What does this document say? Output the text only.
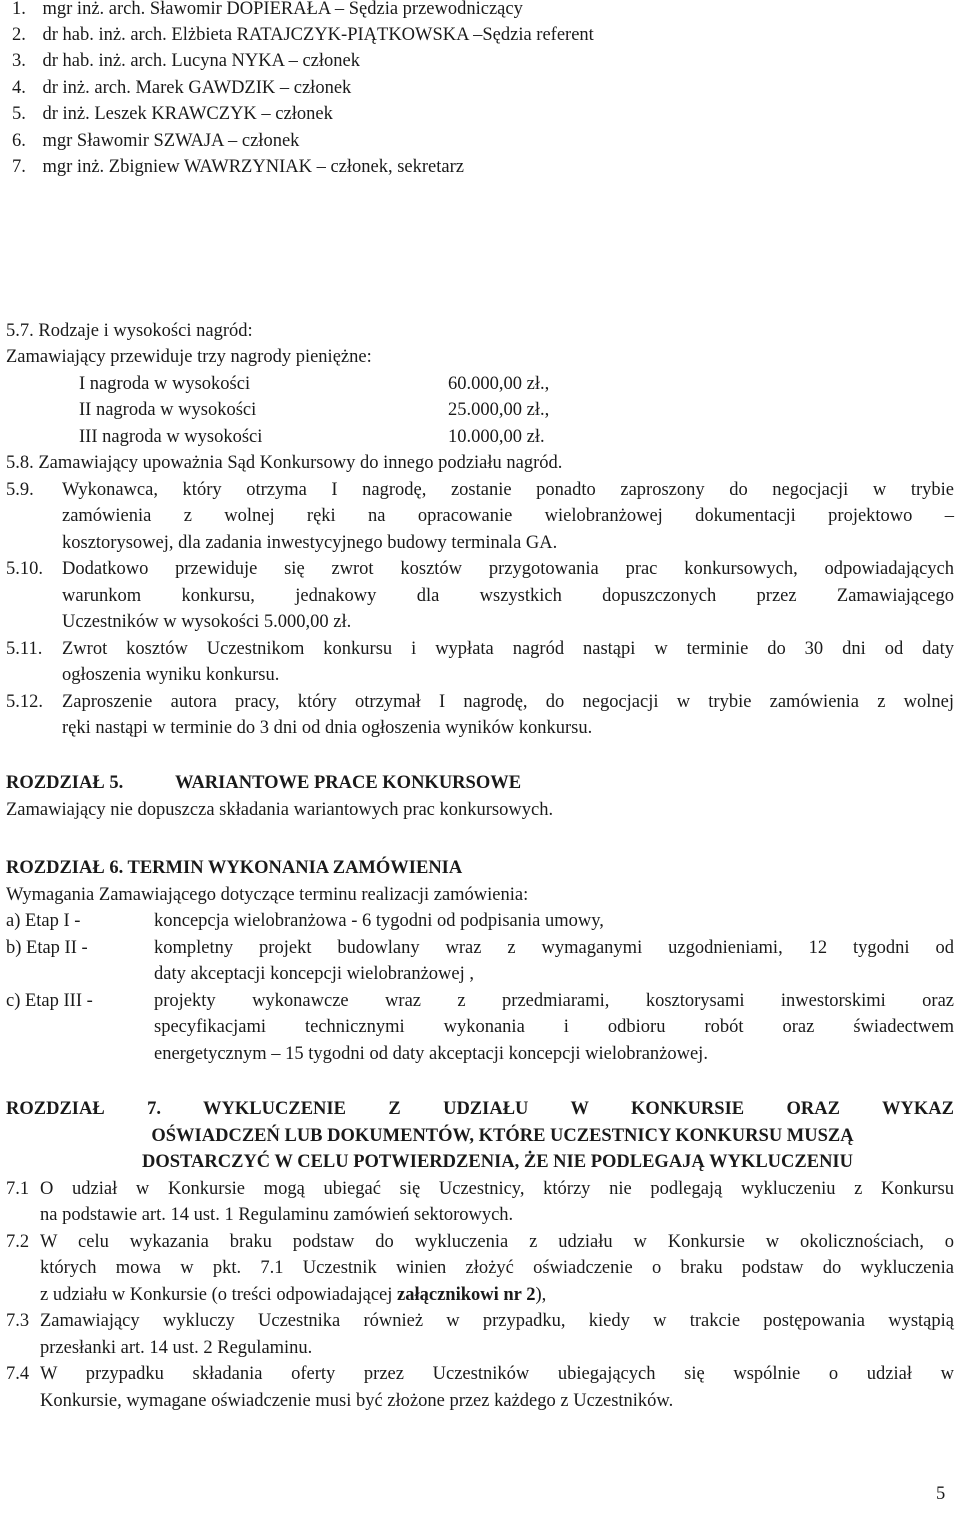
1. mgr inż. arch. Sławomir DOPIERAŁA – Sędzia przewodniczący
2. dr hab. inż. arch. Elżbieta RATAJCZYK-PIĄTKOWSKA –Sędzia referent
3. dr hab. inż. arch. Lucyna NYKA – członek
4. dr inż. arch. Marek GAWDZIK – członek
5. dr inż. Leszek KRAWCZYK – członek
6. mgr Sławomir SZWAJA – członek
7. mgr inż. Zbigniew WAWRZYNIAK – członek, sekretarz
5.7. Rodzaje i wysokości nagród:
Zamawiający przewiduje trzy nagrody pieniężne:
I nagroda w wysokości	60.000,00 zł.,
II nagroda w wysokości	25.000,00 zł.,
III nagroda w wysokości	10.000,00 zł.
5.8. Zamawiający upoważnia Sąd Konkursowy do innego podziału nagród.
5.9. Wykonawca, który otrzyma I nagrodę, zostanie ponadto zaproszony do negocjacji w trybie
zamówienia z wolnej ręki na opracowanie wielobranżowej dokumentacji projektowo –
kosztorysowej, dla zadania inwestycyjnego budowy terminala GA.
5.10. Dodatkowo przewiduje się zwrot kosztów przygotowania prac konkursowych, odpowiadających
warunkom konkursu, jednakowy dla wszystkich dopuszczonych przez Zamawiającego
Uczestników w wysokości 5.000,00 zł.
5.11. Zwrot kosztów Uczestnikom konkursu i wypłata nagród nastąpi w terminie do 30 dni od daty
ogłoszenia wyniku konkursu.
5.12. Zaproszenie autora pracy, który otrzymał I nagrodę, do negocjacji w trybie zamówienia z wolnej
ręki nastąpi w terminie do 3 dni od dnia ogłoszenia wyników konkursu.
ROZDZIAŁ 5.	WARIANTOWE PRACE KONKURSOWE
Zamawiający nie dopuszcza składania wariantowych prac konkursowych.
ROZDZIAŁ 6. TERMIN WYKONANIA ZAMÓWIENIA
Wymagania Zamawiającego dotyczące terminu realizacji zamówienia:
a) Etap I -	koncepcja wielobranżowa - 6 tygodni od podpisania umowy,
b) Etap II -	kompletny projekt budowlany wraz z wymaganymi uzgodnieniami, 12 tygodni od
daty akceptacji koncepcji wielobranżowej ,
c) Etap III -	projekty wykonawcze wraz z przedmiarami, kosztorysami inwestorskimi oraz
specyfikacjami technicznymi wykonania i odbioru robót oraz świadectwem
energetycznym – 15 tygodni od daty akceptacji koncepcji wielobranżowej.
ROZDZIAŁ 7. WYKLUCZENIE Z UDZIAŁU W KONKURSIE ORAZ WYKAZ
OŚWIADCZEŃ LUB DOKUMENTÓW, KTÓRE UCZESTNICY KONKURSU MUSZĄ
DOSTARCZYĆ W CELU POTWIERDZENIA, ŻE NIE PODLEGAJĄ WYKLUCZENIU
7.1 O udział w Konkursie mogą ubiegać się Uczestnicy, którzy nie podlegają wykluczeniu z Konkursu
na podstawie art. 14 ust. 1 Regulaminu zamówień sektorowych.
7.2 W celu wykazania braku podstaw do wykluczenia z udziału w Konkursie w okolicznościach, o
których mowa w pkt. 7.1 Uczestnik winien złożyć oświadczenie o braku podstaw do wykluczenia
z udziału w Konkursie (o treści odpowiadającej załącznikowi nr 2),
7.3 Zamawiający wykluczy Uczestnika również w przypadku, kiedy w trakcie postępowania wystąpią
przesłanki art. 14 ust. 2 Regulaminu.
7.4 W przypadku składania oferty przez Uczestników ubiegających się wspólnie o udział w
Konkursie, wymagane oświadczenie musi być złożone przez każdego z Uczestników.
5
